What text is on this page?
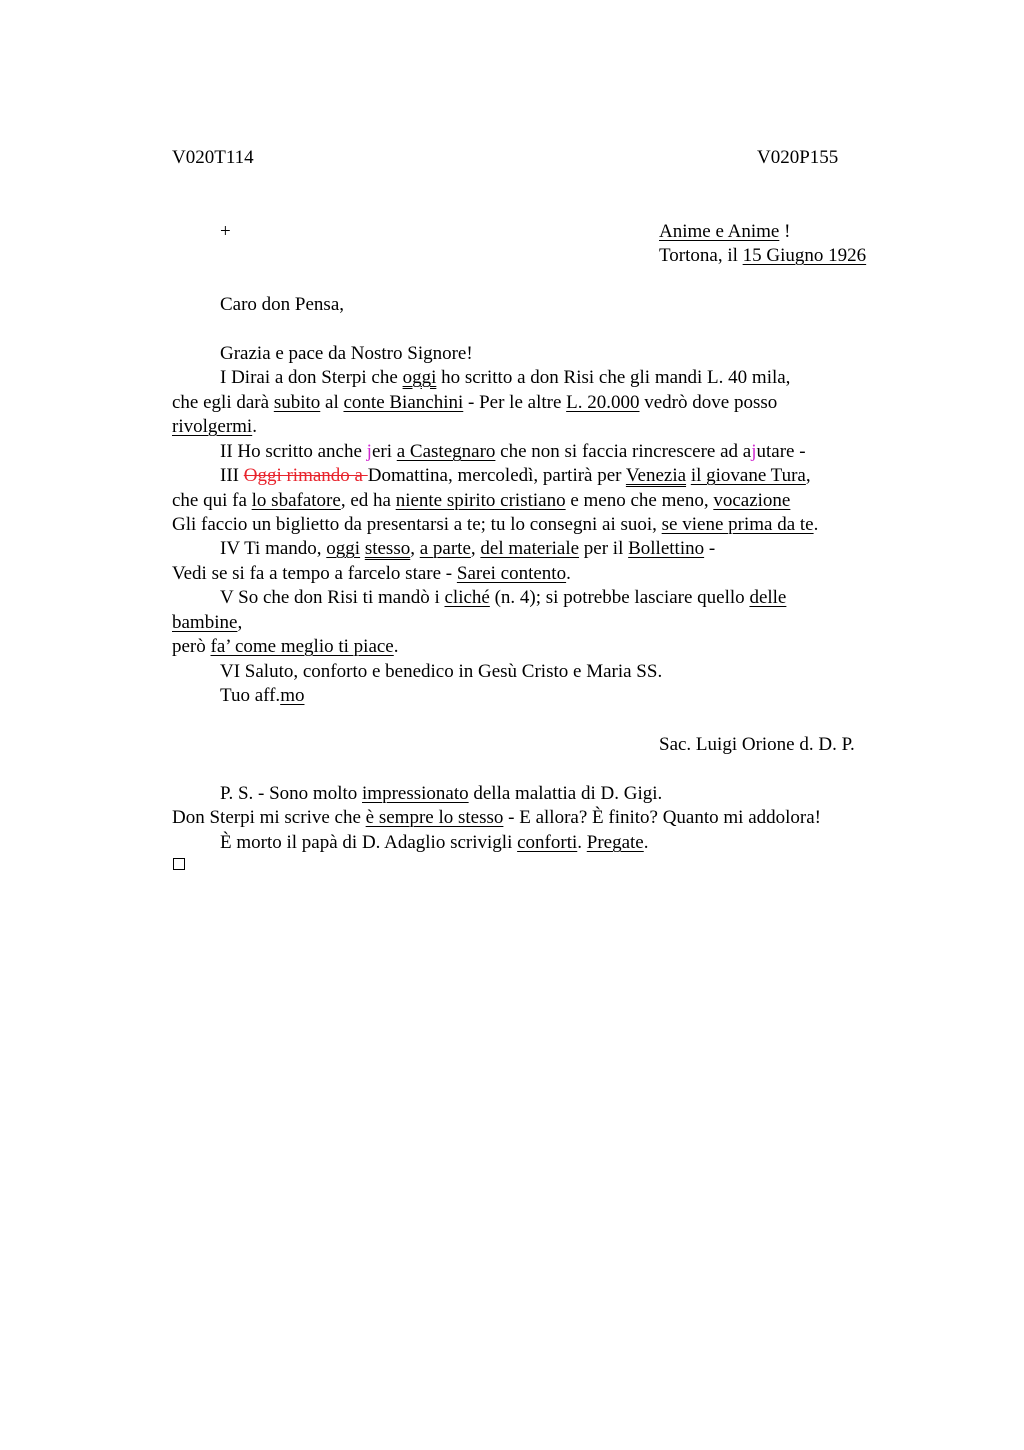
V020T114	V020P155
+	Anime e Anime !
Tortona, il 15 Giugno 1926
Caro don Pensa,
Grazia e pace da Nostro Signore!
I Dirai a don Sterpi che oggi ho scritto a don Risi che gli mandi L. 40 mila,
che egli darà subito al conte Bianchini - Per le altre L. 20.000 vedrò dove posso
rivolgermi.
II Ho scritto anche jeri a Castegnaro che non si faccia rincrescere ad ajutare -
III Oggi rimando a Domattina, mercoledì, partirà per Venezia il giovane Tura,
che qui fa lo sbafatore, ed ha niente spirito cristiano e meno che meno, vocazione
Gli faccio un biglietto da presentarsi a te; tu lo consegni ai suoi, se viene prima da te.
IV Ti mando, oggi stesso, a parte, del materiale per il Bollettino -
Vedi se si fa a tempo a farcelo stare - Sarei contento.
V So che don Risi ti mandò i cliché (n. 4); si potrebbe lasciare quello delle
bambine,
però fa’ come meglio ti piace.
VI Saluto, conforto e benedico in Gesù Cristo e Maria SS.
Tuo aff.mo
Sac. Luigi Orione d. D. P.
P. S. - Sono molto impressionato della malattia di D. Gigi.
Don Sterpi mi scrive che è sempre lo stesso - E allora? È finito? Quanto mi addolora!
È morto il papà di D. Adaglio scrivigli conforti. Pregate.
